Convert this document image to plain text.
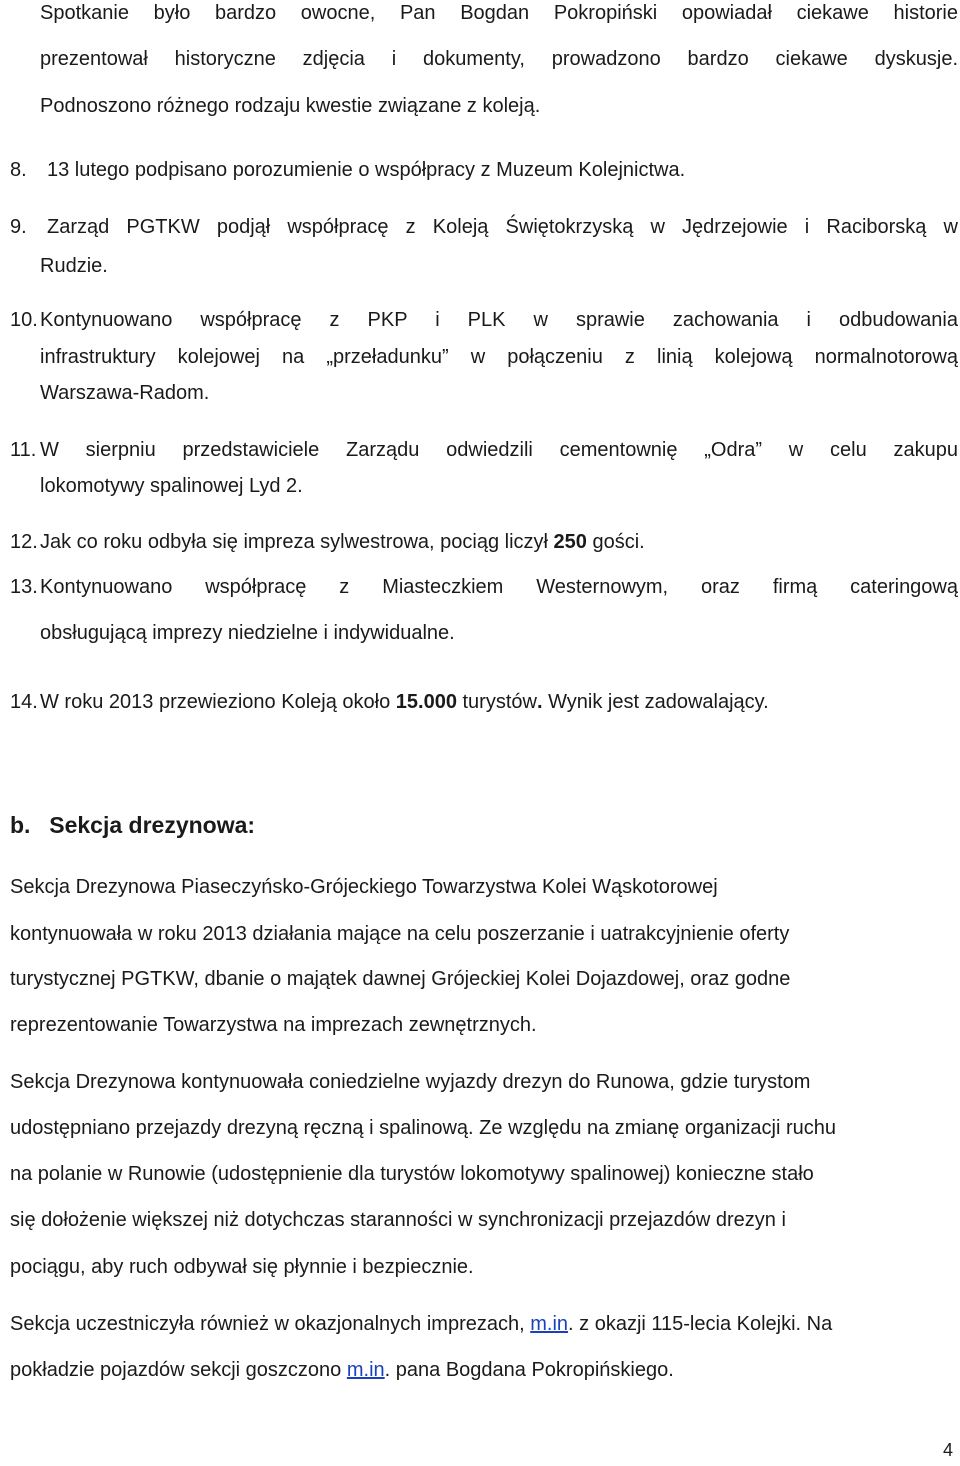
Spotkanie było bardzo owocne, Pan Bogdan Pokropiński opowiadał ciekawe historie
prezentował historyczne zdjęcia i dokumenty, prowadzono bardzo ciekawe dyskusje.
Podnoszono różnego rodzaju kwestie związane z koleją.
8. 13 lutego podpisano porozumienie o współpracy z Muzeum Kolejnictwa.
9. Zarząd PGTKW podjął współpracę z Koleją Świętokrzyską w Jędrzejowie i Raciborską w
Rudzie.
10. Kontynuowano współpracę z PKP i PLK w sprawie zachowania i odbudowania
infrastruktury kolejowej na „przeładunku” w połączeniu z linią kolejową normalnotorową
Warszawa-Radom.
11. W sierpniu przedstawiciele Zarządu odwiedzili cementownię „Odra” w celu zakupu
lokomotywy spalinowej Lyd 2.
12. Jak co roku odbyła się impreza sylwestrowa, pociąg liczył 250 gości.
13. Kontynuowano współpracę z Miasteczkiem Westernowym, oraz firmą cateringową
obsługującą imprezy niedzielne i indywidualne.
14. W roku 2013 przewieziono Koleją około 15.000 turystów. Wynik jest zadowalający.
b. Sekcja drezynowa:
Sekcja Drezynowa Piaseczyńsko-Grójeckiego Towarzystwa Kolei Wąskotorowej
kontynuowała w roku 2013 działania mające na celu poszerzanie i uatrakcyjnienie oferty
turystycznej PGTKW, dbanie o majątek dawnej Grójeckiej Kolei Dojazdowej, oraz godne
reprezentowanie Towarzystwa na imprezach zewnętrznych.
Sekcja Drezynowa kontynuowała coniedzielne wyjazdy drezyn do Runowa, gdzie turystom
udostępniano przejazdy drezyną ręczną i spalinową. Ze względu na zmianę organizacji ruchu
na polanie w Runowie (udostępnienie dla turystów lokomotywy spalinowej) konieczne stało
się dołożenie większej niż dotychczas staranności w synchronizacji przejazdów drezyn i
pociągu, aby ruch odbywał się płynnie i bezpiecznie.
Sekcja uczestniczyła również w okazjonalnych imprezach, m.in. z okazji 115-lecia Kolejki. Na
pokładzie pojazdów sekcji goszczono m.in. pana Bogdana Pokropińskiego.
4
